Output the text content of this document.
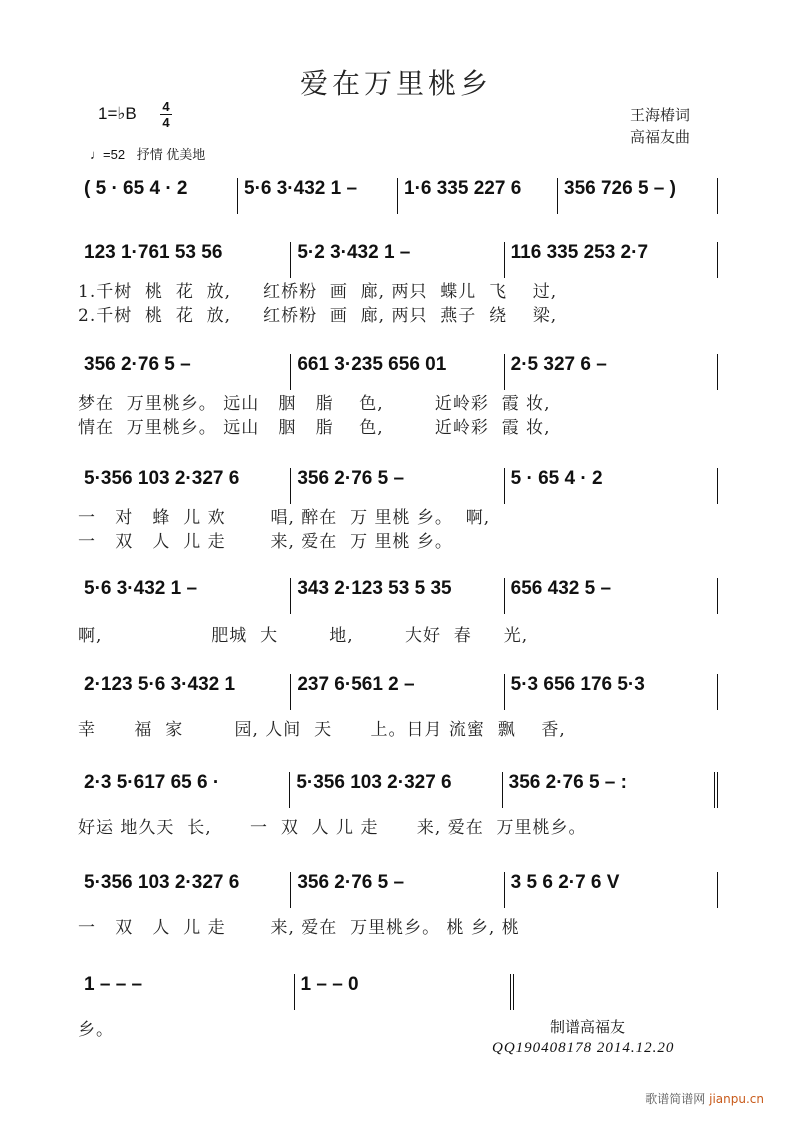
爱在万里桃乡
1=♭B 4
4	王海椿词
高福友曲
♩=52 抒情 优美地
( 5 · 65 4 · 2	5·6 3·432 1 –	1·6 335 227 6	356 726 5 – )
123 1·761 53 56	5·2 3·432 1 –	116 335 253 2·7
1.千树  桃  花  放,     红桥粉  画  廊, 两只  蝶儿  飞    过,
2.千树  桃  花  放,     红桥粉  画  廊, 两只  燕子  绕    梁,
356 2·76 5 –	661 3·235 656 01	2·5 327 6 –
梦在  万里桃乡。 远山   胭   脂    色,        近岭彩  霞 妆,
情在  万里桃乡。 远山   胭   脂    色,        近岭彩  霞 妆,
5·356 103 2·327 6	356 2·76 5 –	5 · 65 4 · 2
一   对   蜂  儿 欢       唱, 醉在  万 里桃 乡。  啊,
一   双   人  儿 走       来, 爱在  万 里桃 乡。
5·6 3·432 1 –	343 2·123 53 5 35	656 432 5 –
啊,                 肥城  大        地,        大好  春     光,
2·123 5·6 3·432 1	237 6·561 2 –	5·3 656 176 5·3
幸      福  家        园, 人间  天      上。日月 流蜜  飘    香,
2·3 5·617 65 6 ·	5·356 103 2·327 6	356 2·76 5 – :
好运 地久天  长,      一  双  人 儿 走      来, 爱在  万里桃乡。
5·356 103 2·327 6	356 2·76 5 –	3 5 6 2·7 6 V
一   双   人  儿 走       来, 爱在  万里桃乡。 桃 乡, 桃
1 – – –	1 – – 0
乡。	制谱高福友
QQ190408178 2014.12.20
歌谱简谱网 jianpu.cn
